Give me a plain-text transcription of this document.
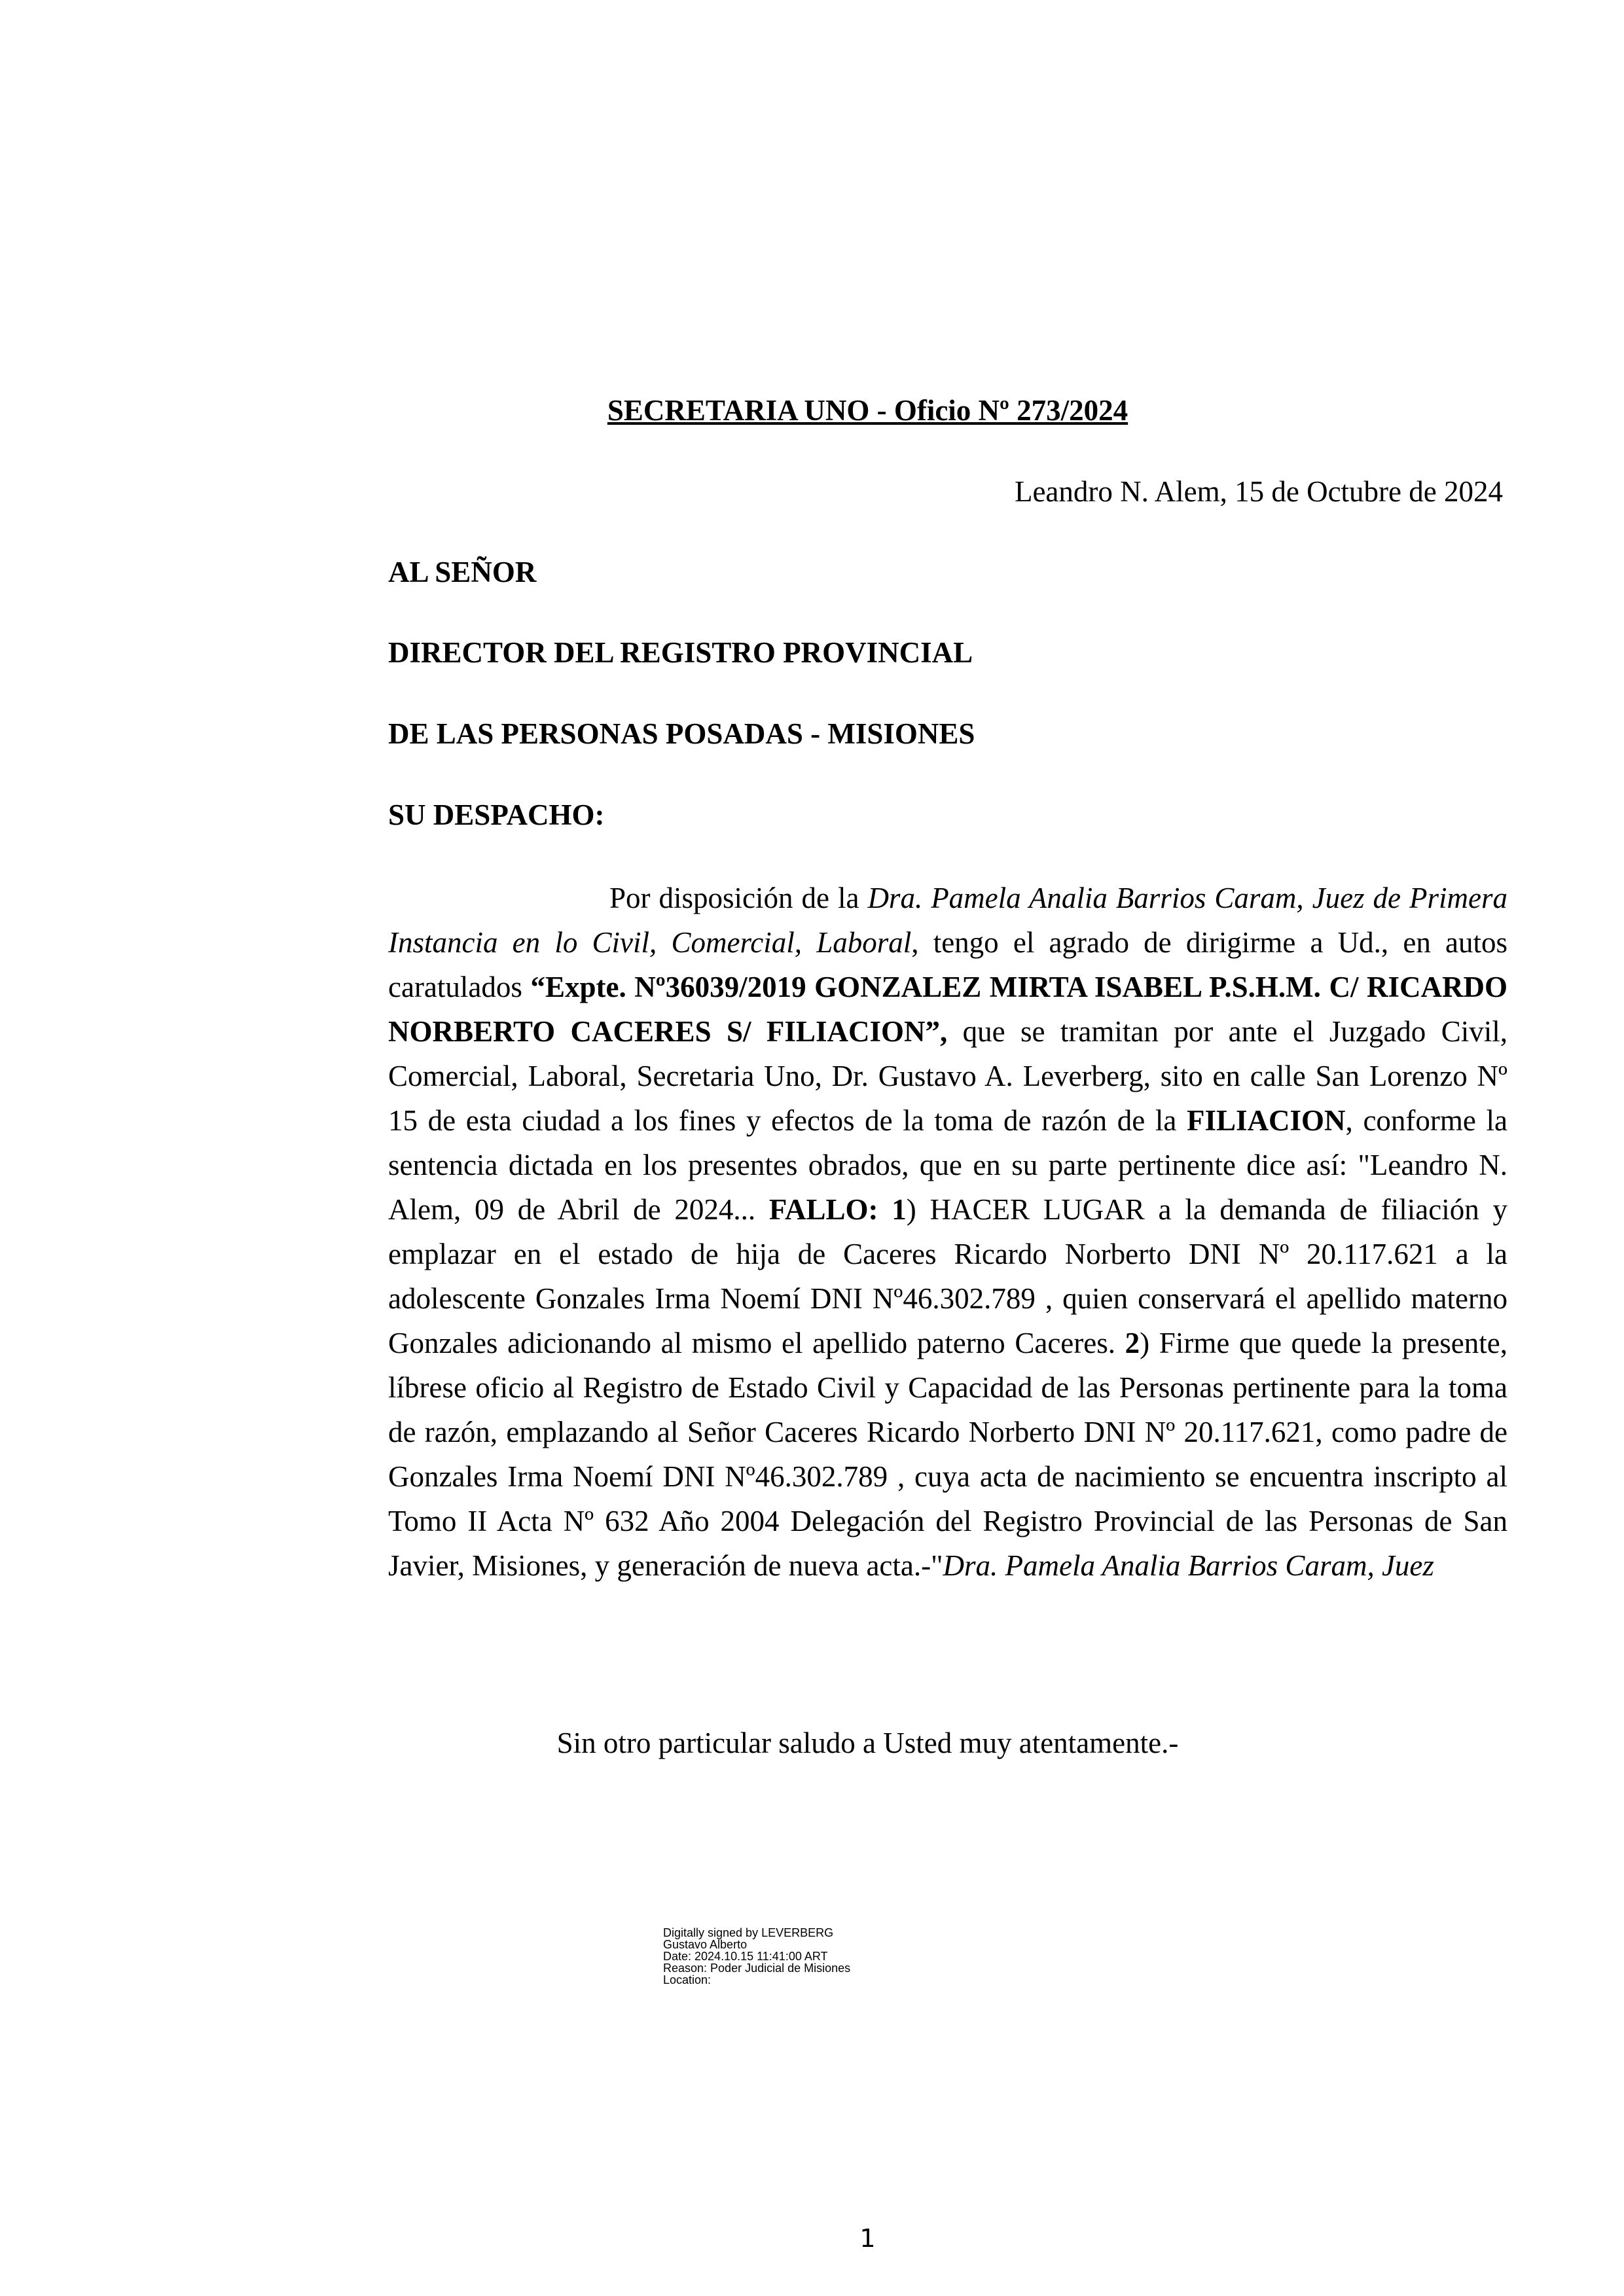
SECRETARIA UNO - Oficio Nº 273/2024
Leandro N. Alem, 15 de Octubre de 2024
AL SEÑOR
DIRECTOR DEL REGISTRO PROVINCIAL
DE LAS PERSONAS POSADAS - MISIONES
SU DESPACHO:
Por disposición de la Dra. Pamela Analia Barrios Caram, Juez de Primera Instancia en lo Civil, Comercial, Laboral, tengo el agrado de dirigirme a Ud., en autos caratulados “Expte. Nº36039/2019 GONZALEZ MIRTA ISABEL P.S.H.M. C/ RICARDO NORBERTO CACERES S/ FILIACION”, que se tramitan por ante el Juzgado Civil, Comercial, Laboral, Secretaria Uno, Dr. Gustavo A. Leverberg, sito en calle San Lorenzo Nº 15 de esta ciudad a los fines y efectos de la toma de razón de la FILIACION, conforme la sentencia dictada en los presentes obrados, que en su parte pertinente dice así: "Leandro N. Alem, 09 de Abril de 2024... FALLO: 1) HACER LUGAR a la demanda de filiación y emplazar en el estado de hija de Caceres Ricardo Norberto DNI Nº 20.117.621 a la adolescente Gonzales Irma Noemí DNI Nº46.302.789 , quien conservará el apellido materno Gonzales adicionando al mismo el apellido paterno Caceres. 2) Firme que quede la presente, líbrese oficio al Registro de Estado Civil y Capacidad de las Personas pertinente para la toma de razón, emplazando al Señor Caceres Ricardo Norberto DNI Nº 20.117.621, como padre de Gonzales Irma Noemí DNI Nº46.302.789 , cuya acta de nacimiento se encuentra inscripto al Tomo II Acta Nº 632 Año 2004 Delegación del Registro Provincial de las Personas de San Javier, Misiones, y generación de nueva acta.-"Dra. Pamela Analia Barrios Caram, Juez
Sin otro particular saludo a Usted muy atentamente.-
Digitally signed by LEVERBERG
Gustavo Alberto
Date: 2024.10.15 11:41:00 ART
Reason: Poder Judicial de Misiones
Location:
1
